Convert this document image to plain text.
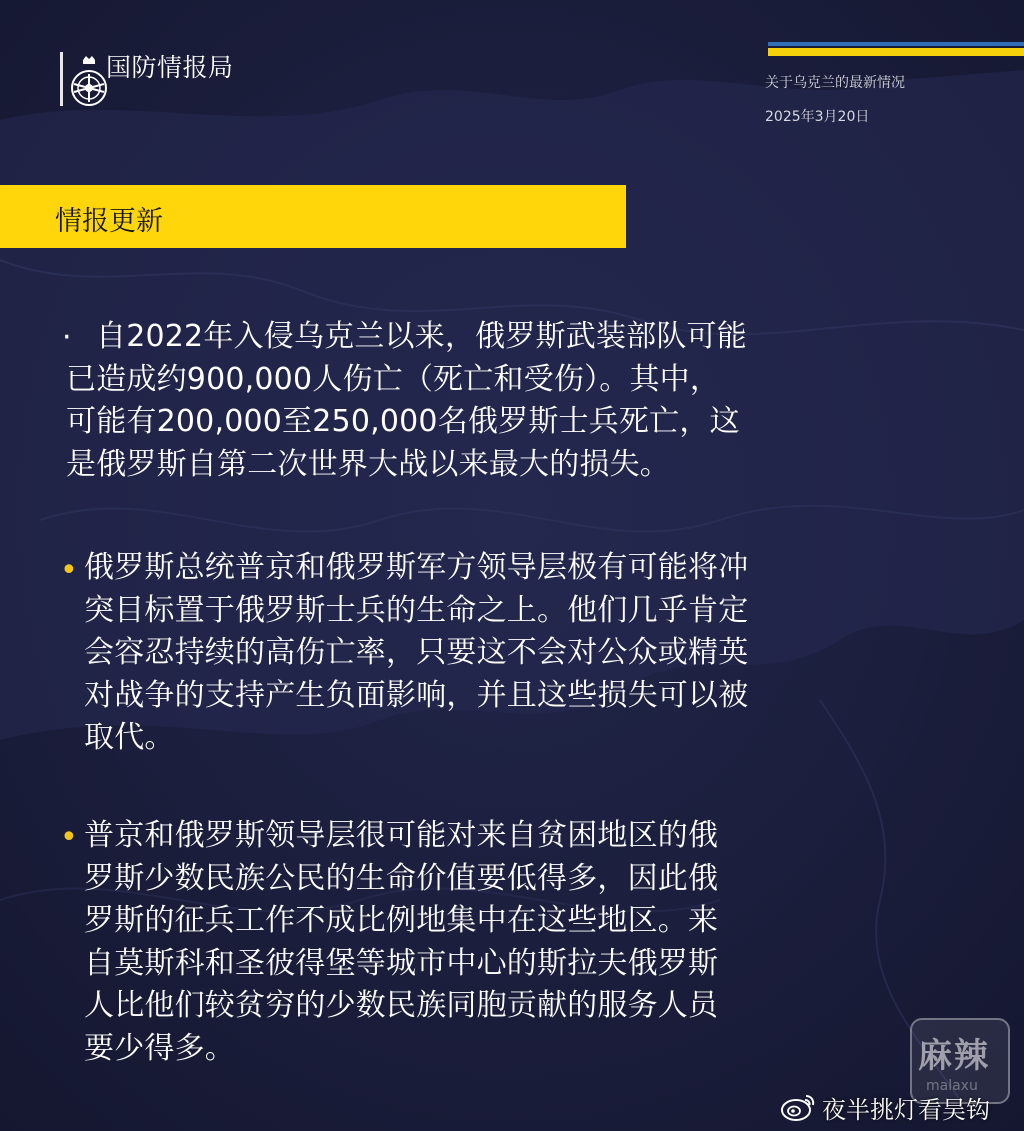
国防情报局
关于乌克兰的最新情况
2025年3月20日
情报更新
· 自2022年入侵乌克兰以来，俄罗斯武装部队可能
已造成约900,000人伤亡（死亡和受伤）。其中，
可能有200,000至250,000名俄罗斯士兵死亡，这
是俄罗斯自第二次世界大战以来最大的损失。
• 俄罗斯总统普京和俄罗斯军方领导层极有可能将冲
突目标置于俄罗斯士兵的生命之上。他们几乎肯定
会容忍持续的高伤亡率，只要这不会对公众或精英
对战争的支持产生负面影响，并且这些损失可以被
取代。
• 普京和俄罗斯领导层很可能对来自贫困地区的俄
罗斯少数民族公民的生命价值要低得多，因此俄
罗斯的征兵工作不成比例地集中在这些地区。来
自莫斯科和圣彼得堡等城市中心的斯拉夫俄罗斯
人比他们较贫穷的少数民族同胞贡献的服务人员
要少得多。	麻辣
malaxu
夜半挑灯看吴钩
